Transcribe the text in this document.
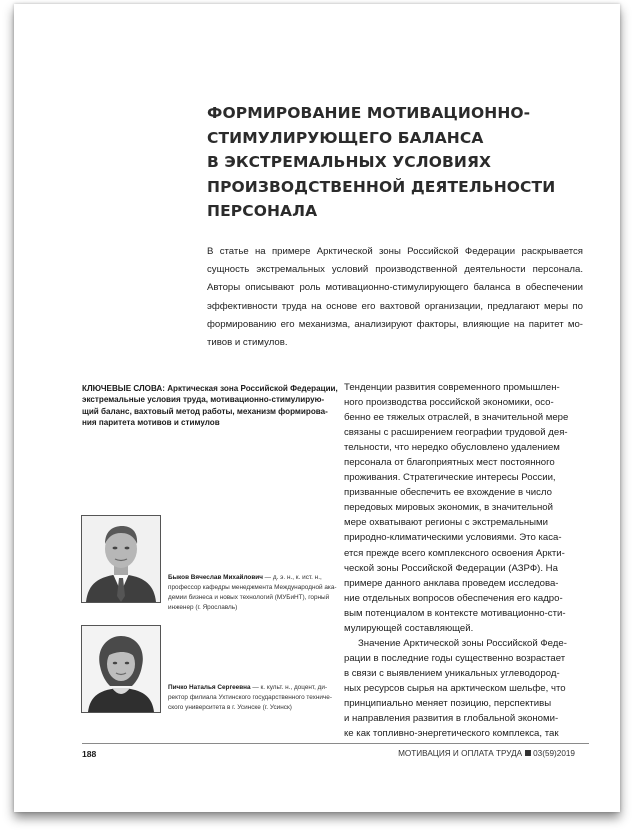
ФОРМИРОВАНИЕ МОТИВАЦИОННО-
СТИМУЛИРУЮЩЕГО БАЛАНСА
В ЭКСТРЕМАЛЬНЫХ УСЛОВИЯХ
ПРОИЗВОДСТВЕННОЙ ДЕЯТЕЛЬНОСТИ
ПЕРСОНАЛА

В статье на примере Арктической зоны Российской Федерации раскрывается
сущность экстремальных условий производственной деятельности персонала.
Авторы описывают роль мотивационно-стимулирующего баланса в обеспечении
эффективности труда на основе его вахтовой организации, предлагают меры по
формированию его механизма, анализируют факторы, влияющие на паритет мо-
тивов и стимулов.

КЛЮЧЕВЫЕ СЛОВА: Арктическая зона Российской Федерации,
экстремальные условия труда, мотивационно-стимулирую-
щий баланс, вахтовый метод работы, механизм формирова-
ния паритета мотивов и стимулов

Тенденции развития современного промышлен-
ного производства российской экономики, осо-
бенно ее тяжелых отраслей, в значительной мере
связаны с расширением географии трудовой дея-
тельности, что нередко обусловлено удалением
персонала от благоприятных мест постоянного
проживания. Стратегические интересы России,
призванные обеспечить ее вхождение в число
передовых мировых экономик, в значительной
мере охватывают регионы с экстремальными
природно-климатическими условиями. Это каса-
ется прежде всего комплексного освоения Аркти-
ческой зоны Российской Федерации (АЗРФ). На
примере данного анклава проведем исследова-
ние отдельных вопросов обеспечения его кадро-
вым потенциалом в контексте мотивационно-сти-
мулирующей составляющей.
Значение Арктической зоны Российской Феде-
рации в последние годы существенно возрастает
в связи с выявлением уникальных углеводород-
ных ресурсов сырья на арктическом шельфе, что
принципиально меняет позицию, перспективы
и направления развития в глобальной экономи-
ке как топливно-энергетического комплекса, так

Быков Вячеслав Михайлович — д. э. н., к. ист. н.,
профессор кафедры менеджмента Международной ака-
демии бизнеса и новых технологий (МУБиНТ), горный
инженер (г. Ярославль)

Пичко Наталья Сергеевна — к. культ. н., доцент, ди-
ректор филиала Ухтинского государственного техниче-
ского университета в г. Усинске (г. Усинск)

188	МОТИВАЦИЯ И ОПЛАТА ТРУДА 03(59)2019
